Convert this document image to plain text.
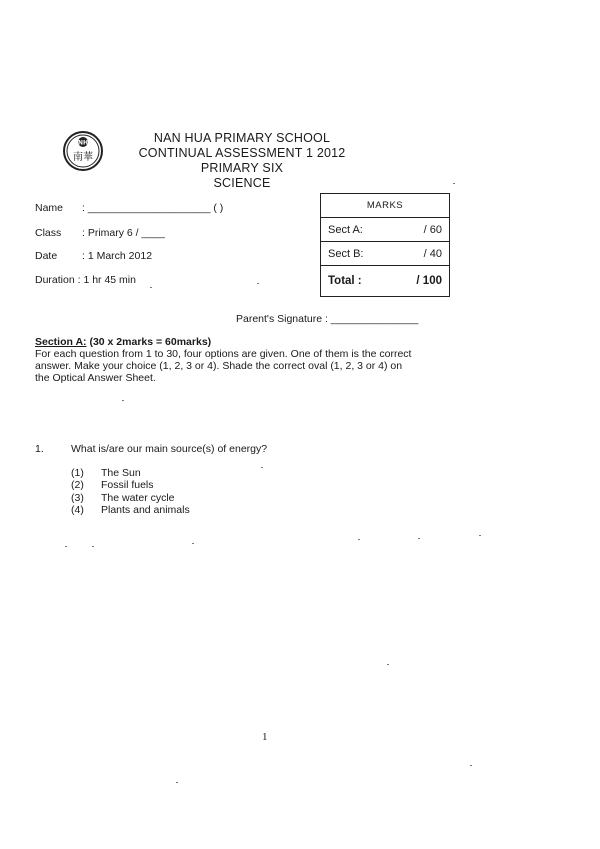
NH
南華
NAN HUA PRIMARY SCHOOL
CONTINUAL ASSESSMENT 1 2012
PRIMARY SIX
SCIENCE
Name : _____________________ ( )
Class : Primary 6 / ____
Date : 1 March 2012
Duration : 1 hr 45 min
MARKS
Sect A:	/ 60
Sect B:	/ 40
Total :	/ 100
Parent's Signature : _______________
Section A: (30 x 2marks = 60marks)
For each question from 1 to 30, four options are given. One of them is the correct
answer. Make your choice (1, 2, 3 or 4). Shade the correct oval (1, 2, 3 or 4) on
the Optical Answer Sheet.
1.	What is/are our main source(s) of energy?
(1) The Sun
(2) Fossil fuels
(3) The water cycle
(4) Plants and animals
1
